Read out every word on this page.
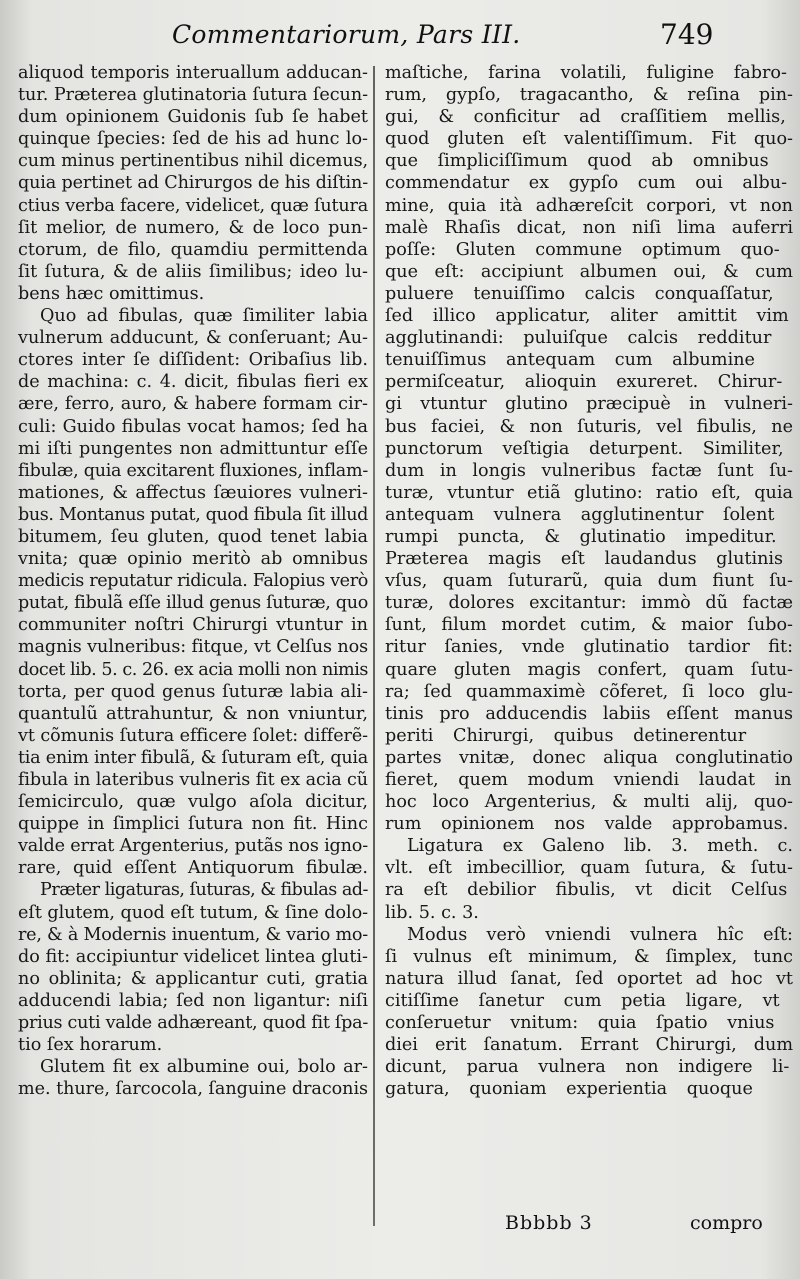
Commentariorum, Pars III.	749
aliquod temporis interuallum adducan-
tur. Præterea glutinatoria ſutura ſecun-
dum opinionem Guidonis ſub ſe habet
quinque ſpecies: ſed de his ad hunc lo-
cum minus pertinentibus nihil dicemus,
quia pertinet ad Chirurgos de his diſtin-
ctius verba facere, videlicet, quæ ſutura
ſit melior, de numero, & de loco pun-
ctorum, de filo, quamdiu permittenda
ſit ſutura, & de aliis ſimilibus; ideo lu-
bens hæc omittimus.
Quo ad fibulas, quæ ſimiliter labia
vulnerum adducunt, & conſeruant; Au-
ctores inter ſe diſſident: Oribaſius lib.
de machina: c. 4. dicit, fibulas fieri ex
ære, ferro, auro, & habere formam cir-
culi: Guido fibulas vocat hamos; ſed ha
mi iſti pungentes non admittuntur eſſe
fibulæ, quia excitarent fluxiones, inflam-
mationes, & affectus ſæuiores vulneri-
bus. Montanus putat, quod fibula ſit illud
bitumem, ſeu gluten, quod tenet labia
vnita; quæ opinio meritò ab omnibus
medicis reputatur ridicula. Falopius verò
putat, fibulã eſſe illud genus ſuturæ, quo
communiter noſtri Chirurgi vtuntur in
magnis vulneribus: fitque, vt Celſus nos
docet lib. 5. c. 26. ex acia molli non nimis
torta, per quod genus ſuturæ labia ali-
quantulũ attrahuntur, & non vniuntur,
vt cõmunis ſutura efficere ſolet: differẽ-
tia enim inter fibulã, & ſuturam eſt, quia
fibula in lateribus vulneris fit ex acia cũ
ſemicirculo, quæ vulgo aſola dicitur,
quippe in ſimplici ſutura non fit. Hinc
valde errat Argenterius, putãs nos igno-
rare, quid eſſent Antiquorum fibulæ.
Præter ligaturas, ſuturas, & fibulas ad-
eſt glutem, quod eſt tutum, & ſine dolo-
re, & à Modernis inuentum, & vario mo-
do fit: accipiuntur videlicet lintea gluti-
no oblinita; & applicantur cuti, gratia
adducendi labia; ſed non ligantur: niſi
prius cuti valde adhæreant, quod fit ſpa-
tio ſex horarum.
Glutem fit ex albumine oui, bolo ar-
me. thure, ſarcocola, ſanguine draconis
maſtiche, farina volatili, fuligine fabro-
rum, gypſo, tragacantho, & reſina pin-
gui, & conficitur ad craſſitiem mellis,
quod gluten eſt valentiſſimum. Fit quo-
que ſimpliciſſimum quod ab omnibus
commendatur ex gypſo cum oui albu-
mine, quia ità adhæreſcit corpori, vt non
malè Rhaſis dicat, non niſi lima auferri
poſſe: Gluten commune optimum quo-
que eſt: accipiunt albumen oui, & cum
puluere tenuiſſimo calcis conquaſſatur,
ſed illico applicatur, aliter amittit vim
agglutinandi: puluiſque calcis redditur
tenuiſſimus antequam cum albumine
permiſceatur, alioquin exureret. Chirur-
gi vtuntur glutino præcipuè in vulneri-
bus faciei, & non ſuturis, vel fibulis, ne
punctorum veſtigia deturpent. Similiter,
dum in longis vulneribus factæ ſunt ſu-
turæ, vtuntur etiã glutino: ratio eſt, quia
antequam vulnera agglutinentur ſolent
rumpi puncta, & glutinatio impeditur.
Præterea magis eſt laudandus glutinis
vſus, quam ſuturarũ, quia dum fiunt ſu-
turæ, dolores excitantur: immò dũ factæ
ſunt, filum mordet cutim, & maior ſubo-
ritur ſanies, vnde glutinatio tardior fit:
quare gluten magis confert, quam ſutu-
ra; ſed quammaximè cõferet, ſi loco glu-
tinis pro adducendis labiis eſſent manus
periti Chirurgi, quibus detinerentur
partes vnitæ, donec aliqua conglutinatio
fieret, quem modum vniendi laudat in
hoc loco Argenterius, & multi alij, quo-
rum opinionem nos valde approbamus.
Ligatura ex Galeno lib. 3. meth. c.
vlt. eſt imbecillior, quam ſutura, & ſutu-
ra eſt debilior fibulis, vt dicit Celſus
lib. 5. c. 3.
Modus verò vniendi vulnera hîc eſt:
ſi vulnus eſt minimum, & ſimplex, tunc
natura illud ſanat, ſed oportet ad hoc vt
citiſſime ſanetur cum petia ligare, vt
conſeruetur vnitum: quia ſpatio vnius
diei erit ſanatum. Errant Chirurgi, dum
dicunt, parua vulnera non indigere li-
gatura, quoniam experientia quoque
Bbbbb 3	compro
